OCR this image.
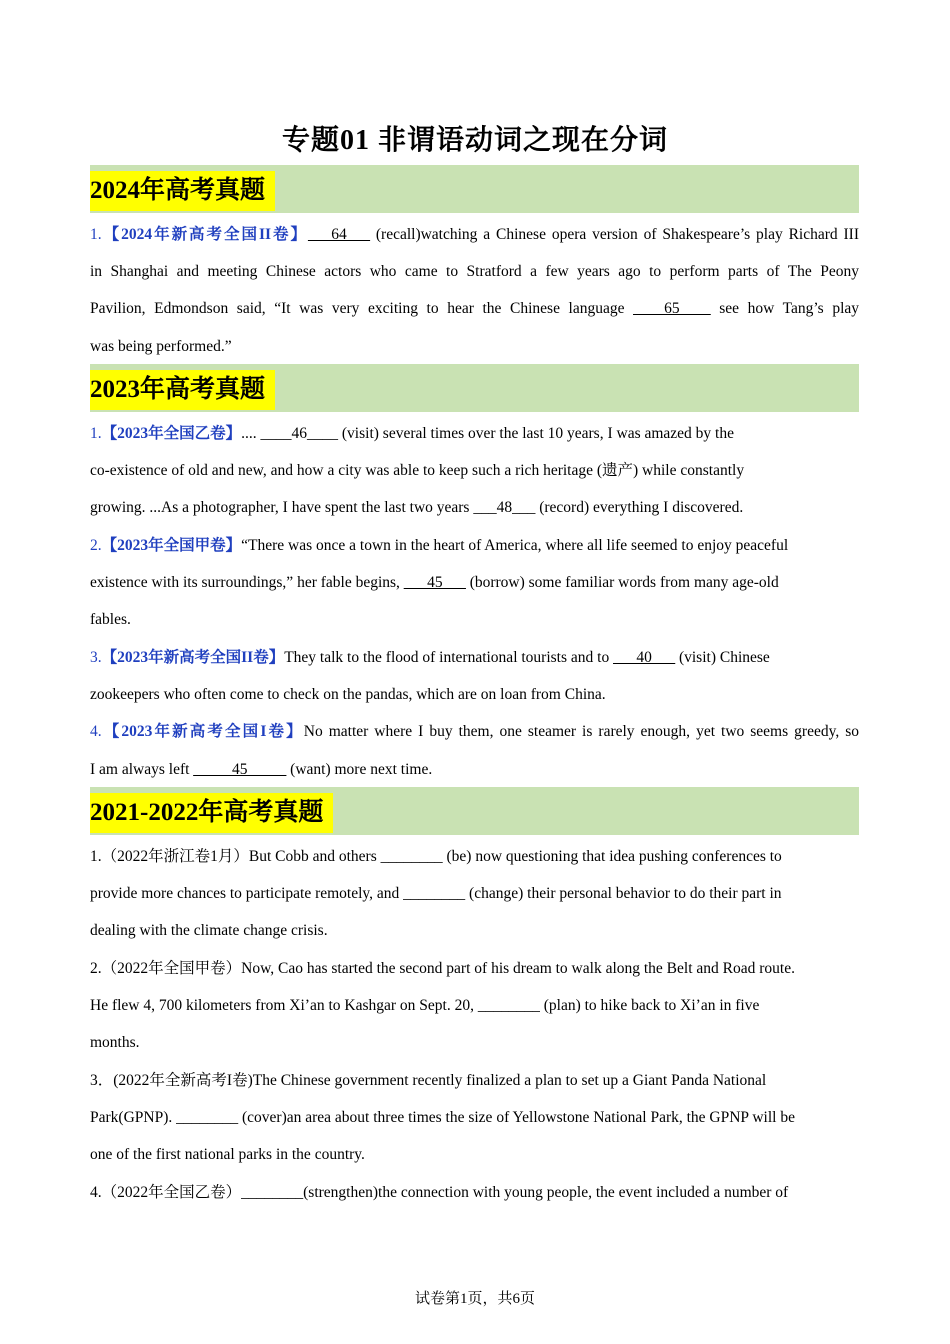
专题01 非谓语动词之现在分词
2024年高考真题
1.【2024年新高考全国II卷】___64___ (recall)watching a Chinese opera version of Shakespeare’s play Richard III
in Shanghai and meeting Chinese actors who came to Stratford a few years ago to perform parts of The Peony
Pavilion, Edmondson said, “It was very exciting to hear the Chinese language ____65____ see how Tang’s play
was being performed.”
2023年高考真题
1.【2023年全国乙卷】.... ____46____ (visit) several times over the last 10 years, I was amazed by the
co-existence of old and new, and how a city was able to keep such a rich heritage (遗产) while constantly
growing. ...As a photographer, I have spent the last two years ___48___ (record) everything I discovered.
2.【2023年全国甲卷】“There was once a town in the heart of America, where all life seemed to enjoy peaceful
existence with its surroundings,” her fable begins, ___45___ (borrow) some familiar words from many age-old
fables.
3.【2023年新高考全国II卷】They talk to the flood of international tourists and to ___40___ (visit) Chinese
zookeepers who often come to check on the pandas, which are on loan from China.
4.【2023年新高考全国I卷】No matter where I buy them, one steamer is rarely enough, yet two seems greedy, so
I am always left _____45_____ (want) more next time.
2021-2022年高考真题
1.（2022年浙江卷1月）But Cobb and others ________ (be) now questioning that idea pushing conferences to
provide more chances to participate remotely, and ________ (change) their personal behavior to do their part in
dealing with the climate change crisis.
2.（2022年全国甲卷）Now, Cao has started the second part of his dream to walk along the Belt and Road route.
He flew 4, 700 kilometers from Xi’an to Kashgar on Sept. 20, ________ (plan) to hike back to Xi’an in five
months.
3．(2022年全新高考I卷)The Chinese government recently finalized a plan to set up a Giant Panda National
Park(GPNP). ________ (cover)an area about three times the size of Yellowstone National Park, the GPNP will be
one of the first national parks in the country.
4.（2022年全国乙卷）________(strengthen)the connection with young people, the event included a number of
试卷第1页，共6页
